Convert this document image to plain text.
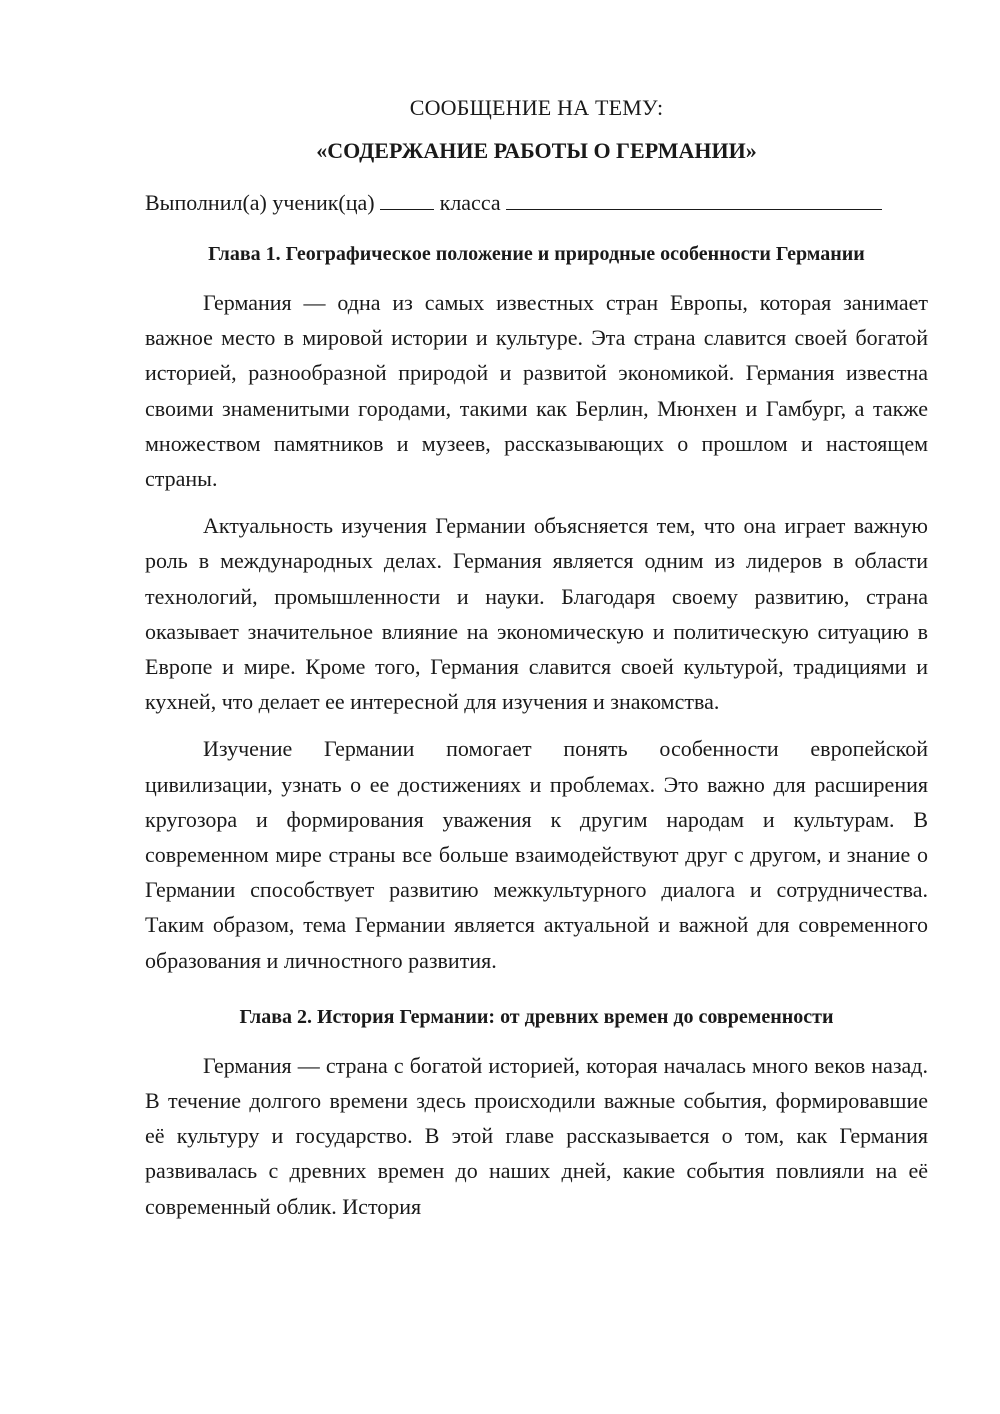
СООБЩЕНИЕ НА ТЕМУ:

«СОДЕРЖАНИЕ РАБОТЫ О ГЕРМАНИИ»

Выполнил(а) ученик(ца)	класса
Глава 1. Географическое положение и природные особенности Германии

Германия — одна из самых известных стран Европы, которая занимает важное место в мировой истории и культуре. Эта страна славится своей богатой историей, разнообразной природой и развитой экономикой. Германия известна своими знаменитыми городами, такими как Берлин, Мюнхен и Гамбург, а также множеством памятников и музеев, рассказывающих о прошлом и настоящем страны.

Актуальность изучения Германии объясняется тем, что она играет важную роль в международных делах. Германия является одним из лидеров в области технологий, промышленности и науки. Благодаря своему развитию, страна оказывает значительное влияние на экономическую и политическую ситуацию в Европе и мире. Кроме того, Германия славится своей культурой, традициями и кухней, что делает ее интересной для изучения и знакомства.

Изучение Германии помогает понять особенности европейской цивилизации, узнать о ее достижениях и проблемах. Это важно для расширения кругозора и формирования уважения к другим народам и культурам. В современном мире страны все больше взаимодействуют друг с другом, и знание о Германии способствует развитию межкультурного диалога и сотрудничества. Таким образом, тема Германии является актуальной и важной для современного образования и личностного развития.

Глава 2. История Германии: от древних времен до современности

Германия — страна с богатой историей, которая началась много веков назад. В течение долгого времени здесь происходили важные события, формировавшие её культуру и государство. В этой главе рассказывается о том, как Германия развивалась с древних времен до наших дней, какие события повлияли на её современный облик. История
